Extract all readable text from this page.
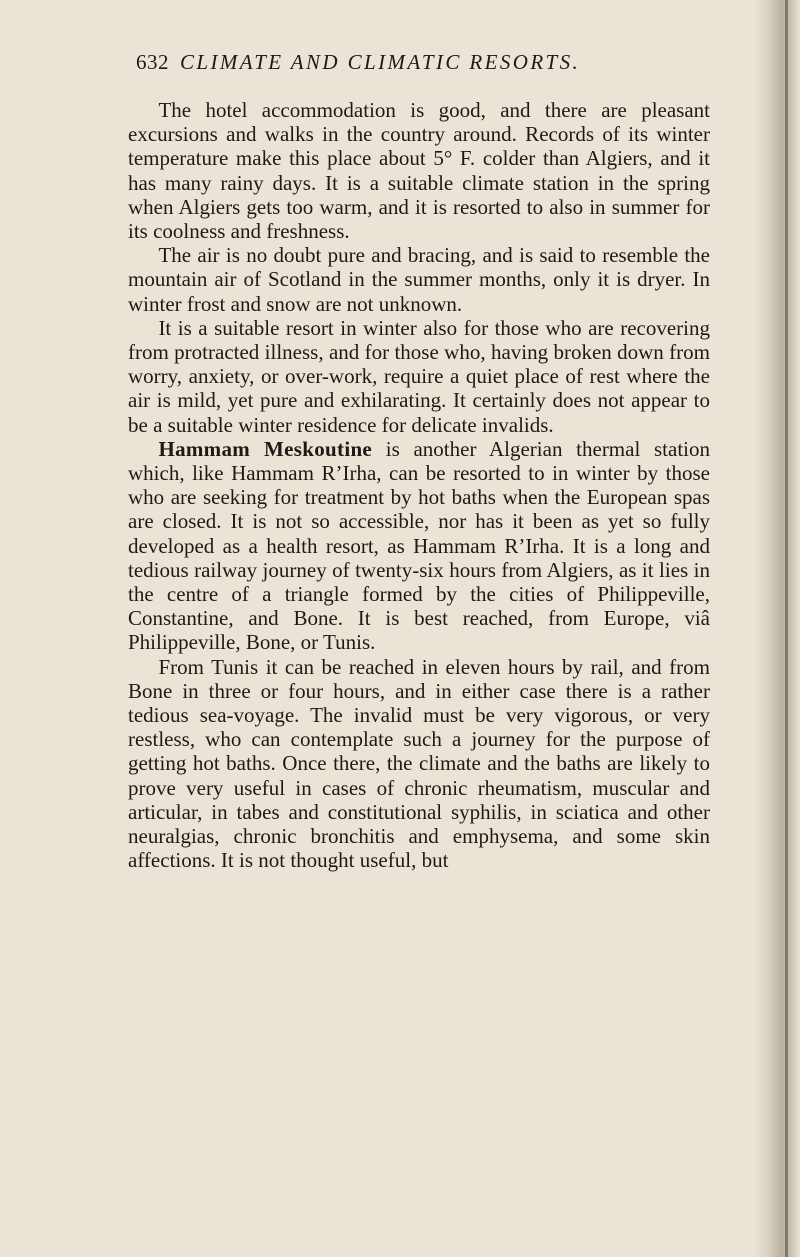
632 CLIMATE AND CLIMATIC RESORTS.

The hotel accommodation is good, and there are pleasant excursions and walks in the country around. Records of its winter temperature make this place about 5° F. colder than Algiers, and it has many rainy days. It is a suitable climate station in the spring when Algiers gets too warm, and it is resorted to also in summer for its coolness and freshness.

The air is no doubt pure and bracing, and is said to resemble the mountain air of Scotland in the summer months, only it is dryer. In winter frost and snow are not unknown.

It is a suitable resort in winter also for those who are recovering from protracted illness, and for those who, having broken down from worry, anxiety, or over-work, require a quiet place of rest where the air is mild, yet pure and exhilarating. It certainly does not appear to be a suitable winter residence for delicate invalids.

Hammam Meskoutine is another Algerian thermal station which, like Hammam R’Irha, can be resorted to in winter by those who are seeking for treatment by hot baths when the European spas are closed. It is not so accessible, nor has it been as yet so fully developed as a health resort, as Hammam R’Irha. It is a long and tedious railway journey of twenty-six hours from Algiers, as it lies in the centre of a triangle formed by the cities of Philippeville, Constantine, and Bone. It is best reached, from Europe, viâ Philippeville, Bone, or Tunis.

From Tunis it can be reached in eleven hours by rail, and from Bone in three or four hours, and in either case there is a rather tedious sea-voyage. The invalid must be very vigorous, or very restless, who can contemplate such a journey for the purpose of getting hot baths. Once there, the climate and the baths are likely to prove very useful in cases of chronic rheumatism, muscular and articular, in tabes and constitutional syphilis, in sciatica and other neuralgias, chronic bronchitis and emphysema, and some skin affections. It is not thought useful, but
